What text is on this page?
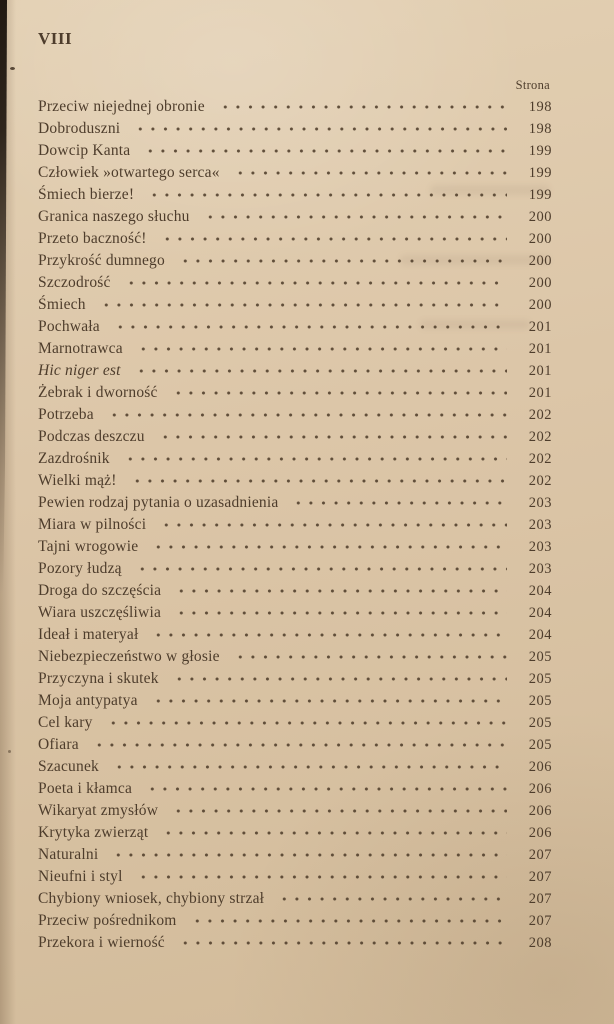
VIII
Strona
Przeciw niejednej obronie	198
Dobroduszni	198
Dowcip Kanta	199
Człowiek »otwartego serca«	199
Śmiech bierze!	199
Granica naszego słuchu	200
Przeto baczność!	200
Przykrość dumnego	200
Szczodrość	200
Śmiech	200
Pochwała	201
Marnotrawca	201
Hic niger est	201
Żebrak i dworność	201
Potrzeba	202
Podczas deszczu	202
Zazdrośnik	202
Wielki mąż!	202
Pewien rodzaj pytania o uzasadnienia	203
Miara w pilności	203
Tajni wrogowie	203
Pozory łudzą	203
Droga do szczęścia	204
Wiara uszczęśliwia	204
Ideał i materyał	204
Niebezpieczeństwo w głosie	205
Przyczyna i skutek	205
Moja antypatya	205
Cel kary	205
Ofiara	205
Szacunek	206
Poeta i kłamca	206
Wikaryat zmysłów	206
Krytyka zwierząt	206
Naturalni	207
Nieufni i styl	207
Chybiony wniosek, chybiony strzał	207
Przeciw pośrednikom	207
Przekora i wierność	208
